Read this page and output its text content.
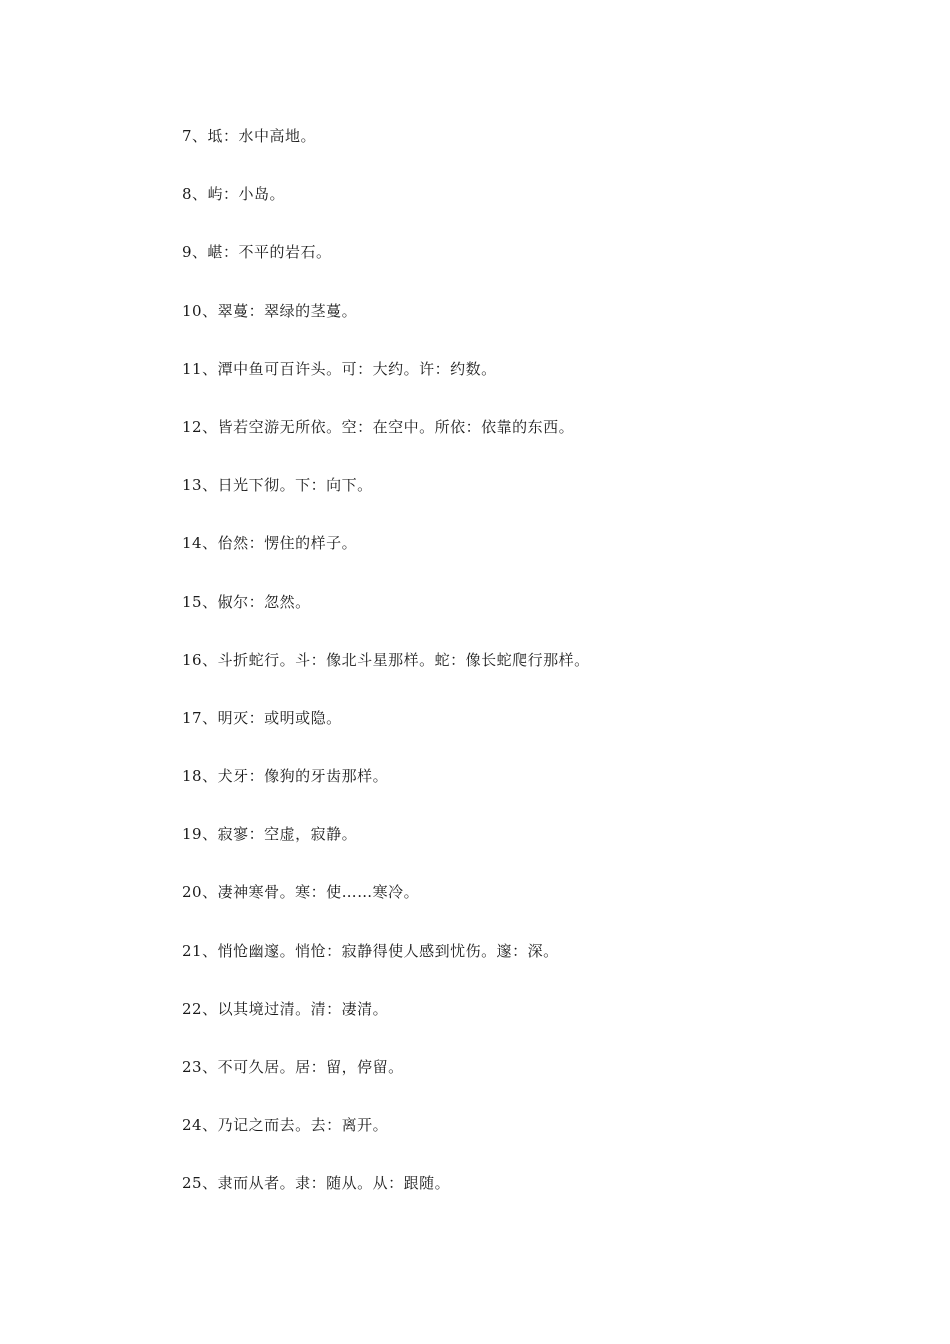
7、坻：水中高地。
8、屿：小岛。
9、嵁：不平的岩石。
10、翠蔓：翠绿的茎蔓。
11、潭中鱼可百许头。可：大约。许：约数。
12、皆若空游无所依。空：在空中。所依：依靠的东西。
13、日光下彻。下：向下。
14、佁然：愣住的样子。
15、俶尔：忽然。
16、斗折蛇行。斗：像北斗星那样。蛇：像长蛇爬行那样。
17、明灭：或明或隐。
18、犬牙：像狗的牙齿那样。
19、寂寥：空虚，寂静。
20、凄神寒骨。寒：使……寒冷。
21、悄怆幽邃。悄怆：寂静得使人感到忧伤。邃：深。
22、以其境过清。清：凄清。
23、不可久居。居：留，停留。
24、乃记之而去。去：离开。
25、隶而从者。隶：随从。从：跟随。
